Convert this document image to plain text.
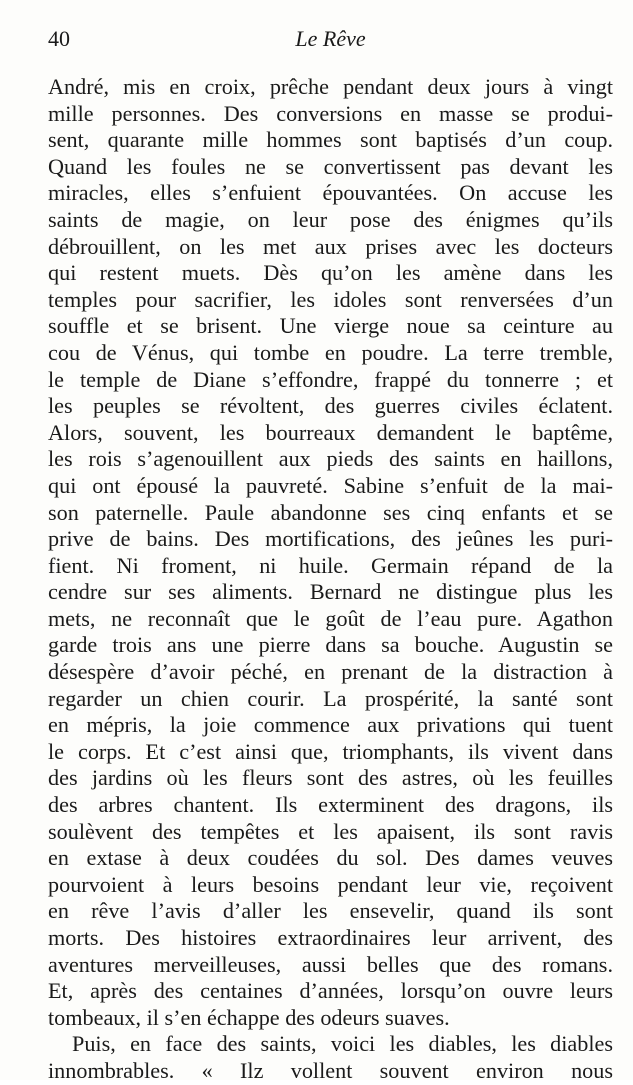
40	Le Rêve
André, mis en croix, prêche pendant deux jours à vingt
mille personnes. Des conversions en masse se produi-
sent, quarante mille hommes sont baptisés d’un coup.
Quand les foules ne se convertissent pas devant les
miracles, elles s’enfuient épouvantées. On accuse les
saints de magie, on leur pose des énigmes qu’ils
débrouillent, on les met aux prises avec les docteurs
qui restent muets. Dès qu’on les amène dans les
temples pour sacrifier, les idoles sont renversées d’un
souffle et se brisent. Une vierge noue sa ceinture au
cou de Vénus, qui tombe en poudre. La terre tremble,
le temple de Diane s’effondre, frappé du tonnerre ; et
les peuples se révoltent, des guerres civiles éclatent.
Alors, souvent, les bourreaux demandent le baptême,
les rois s’agenouillent aux pieds des saints en haillons,
qui ont épousé la pauvreté. Sabine s’enfuit de la mai-
son paternelle. Paule abandonne ses cinq enfants et se
prive de bains. Des mortifications, des jeûnes les puri-
fient. Ni froment, ni huile. Germain répand de la
cendre sur ses aliments. Bernard ne distingue plus les
mets, ne reconnaît que le goût de l’eau pure. Agathon
garde trois ans une pierre dans sa bouche. Augustin se
désespère d’avoir péché, en prenant de la distraction à
regarder un chien courir. La prospérité, la santé sont
en mépris, la joie commence aux privations qui tuent
le corps. Et c’est ainsi que, triomphants, ils vivent dans
des jardins où les fleurs sont des astres, où les feuilles
des arbres chantent. Ils exterminent des dragons, ils
soulèvent des tempêtes et les apaisent, ils sont ravis
en extase à deux coudées du sol. Des dames veuves
pourvoient à leurs besoins pendant leur vie, reçoivent
en rêve l’avis d’aller les ensevelir, quand ils sont
morts. Des histoires extraordinaires leur arrivent, des
aventures merveilleuses, aussi belles que des romans.
Et, après des centaines d’années, lorsqu’on ouvre leurs
tombeaux, il s’en échappe des odeurs suaves.
Puis, en face des saints, voici les diables, les diables
innombrables. « Ilz vollent souvent environ nous
